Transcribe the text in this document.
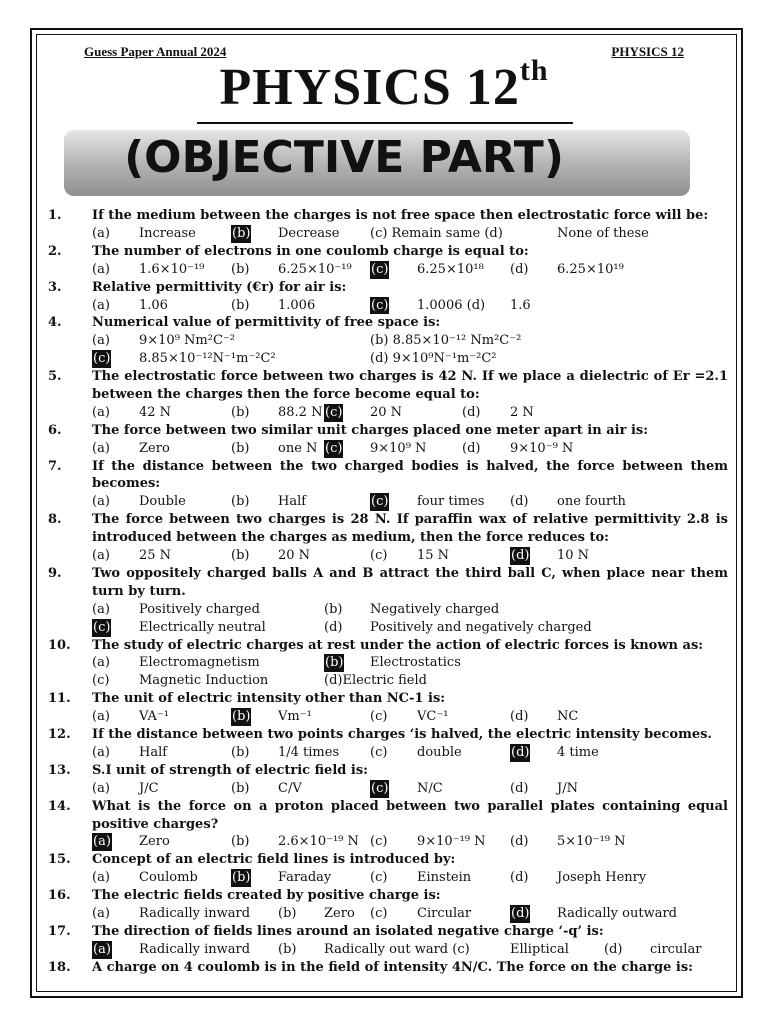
Guess Paper Annual 2024	PHYSICS 12
PHYSICS 12th
(OBJECTIVE PART)
1.	If the medium between the charges is not free space then electrostatic force will be:
(a) Increase	(b) Decrease (c) Remain same (d)	None of these
2.	The number of electrons in one coulomb charge is equal to:
(a) 1.6×10⁻¹⁹ (b) 6.25×10⁻¹⁹ (c) 6.25×10¹⁸ (d) 6.25×10¹⁹
3.	Relative permittivity (€r) for air is:
(a) 1.06	(b) 1.006	(c) 1.0006 (d) 1.6
4.	Numerical value of permittivity of free space is:
(a) 9×10⁹ Nm²C⁻²	(b) 8.85×10⁻¹² Nm²C⁻²
(c) 8.85×10⁻¹²N⁻¹m⁻²C²	(d) 9×10⁹N⁻¹m⁻²C²
5.	The electrostatic force between two charges is 42 N. If we place a dielectric of Er =2.1 between the charges then the force become equal to:
(a) 42 N	(b) 88.2 N (c) 20 N	(d) 2 N
6.	The force between two similar unit charges placed one meter apart in air is:
(a) Zero	(b) one N (c) 9×10⁹ N	(d) 9×10⁻⁹ N
7.	If the distance between the two charged bodies is halved, the force between them becomes:
(a) Double	(b) Half	(c) four times (d) one fourth
8.	The force between two charges is 28 N. If paraffin wax of relative permittivity 2.8 is introduced between the charges as medium, then the force reduces to:
(a) 25 N	(b) 20 N	(c) 15 N	(d) 10 N
9.	Two oppositely charged balls A and B attract the third ball C, when place near them turn by turn.
(a) Positively charged	(b) Negatively charged
(c) Electrically neutral	(d) Positively and negatively charged
10.	The study of electric charges at rest under the action of electric forces is known as:
(a) Electromagnetism	(b) Electrostatics
(c) Magnetic Induction	(d)Electric field
11.	The unit of electric intensity other than NC-1 is:
(a) VA⁻¹	(b) Vm⁻¹	(c) VC⁻¹	(d) NC
12.	If the distance between two points charges ‘is halved, the electric intensity becomes.
(a) Half	(b) 1/4 times (c) double	(d) 4 time
13.	S.I unit of strength of electric field is:
(a) J/C	(b) C/V	(c) N/C	(d) J/N
14.	What is the force on a proton placed between two parallel plates containing equal positive charges?
(a) Zero	(b) 2.6×10⁻¹⁹ N (c) 9×10⁻¹⁹ N (d) 5×10⁻¹⁹ N
15.	Concept of an electric field lines is introduced by:
(a) Coulomb	(b) Faraday	(c) Einstein	(d) Joseph Henry
16.	The electric fields created by positive charge is:
(a) Radically inward (b) Zero (c) Circular	(d) Radically outward
17.	The direction of fields lines around an isolated negative charge ‘-q’ is:
(a) Radically inward (b) Radically out ward (c)	Elliptical	(d) circular
18.	A charge on 4 coulomb is in the field of intensity 4N/C. The force on the charge is:
